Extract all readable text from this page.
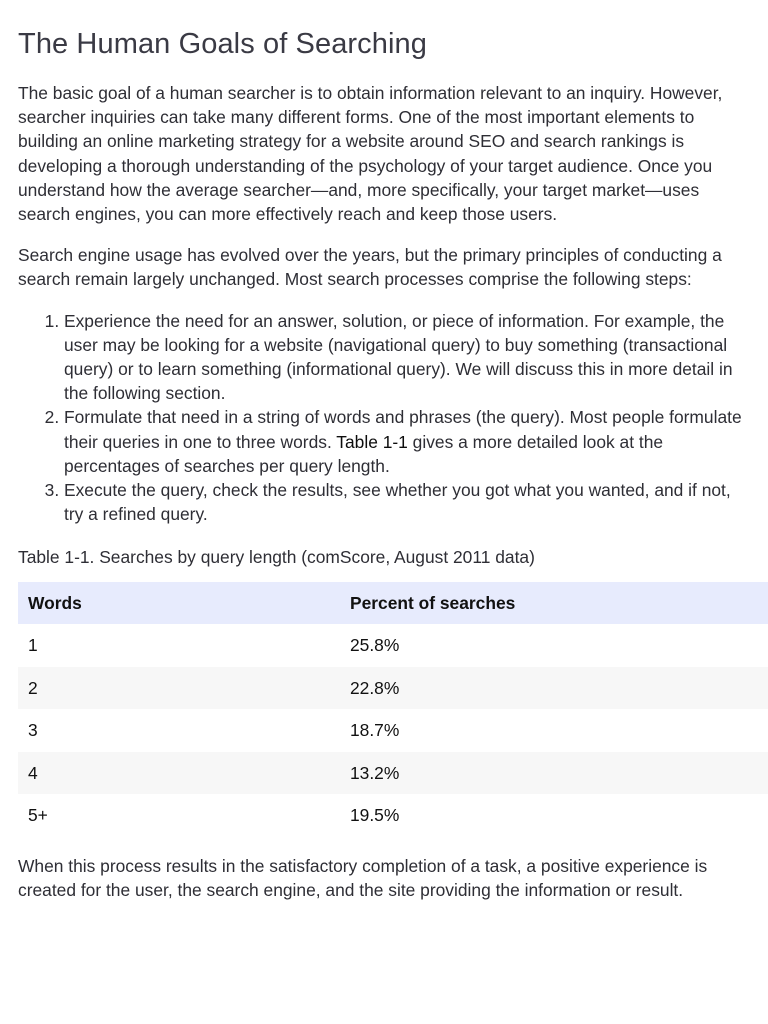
The Human Goals of Searching

The basic goal of a human searcher is to obtain information relevant to an inquiry. However, searcher inquiries can take many different forms. One of the most important elements to building an online marketing strategy for a website around SEO and search rankings is developing a thorough understanding of the psychology of your target audience. Once you understand how the average searcher—and, more specifically, your target market—uses search engines, you can more effectively reach and keep those users.

Search engine usage has evolved over the years, but the primary principles of conducting a search remain largely unchanged. Most search processes comprise the following steps:

1. Experience the need for an answer, solution, or piece of information. For example, the user may be looking for a website (navigational query) to buy something (transactional query) or to learn something (informational query). We will discuss this in more detail in the following section.
2. Formulate that need in a string of words and phrases (the query). Most people formulate their queries in one to three words. Table 1-1 gives a more detailed look at the percentages of searches per query length.
3. Execute the query, check the results, see whether you got what you wanted, and if not, try a refined query.
Table 1-1. Searches by query length (comScore, August 2011 data)
Words	Percent of searches
1	25.8%
2	22.8%
3	18.7%
4	13.2%
5+	19.5%

When this process results in the satisfactory completion of a task, a positive experience is created for the user, the search engine, and the site providing the information or result.
